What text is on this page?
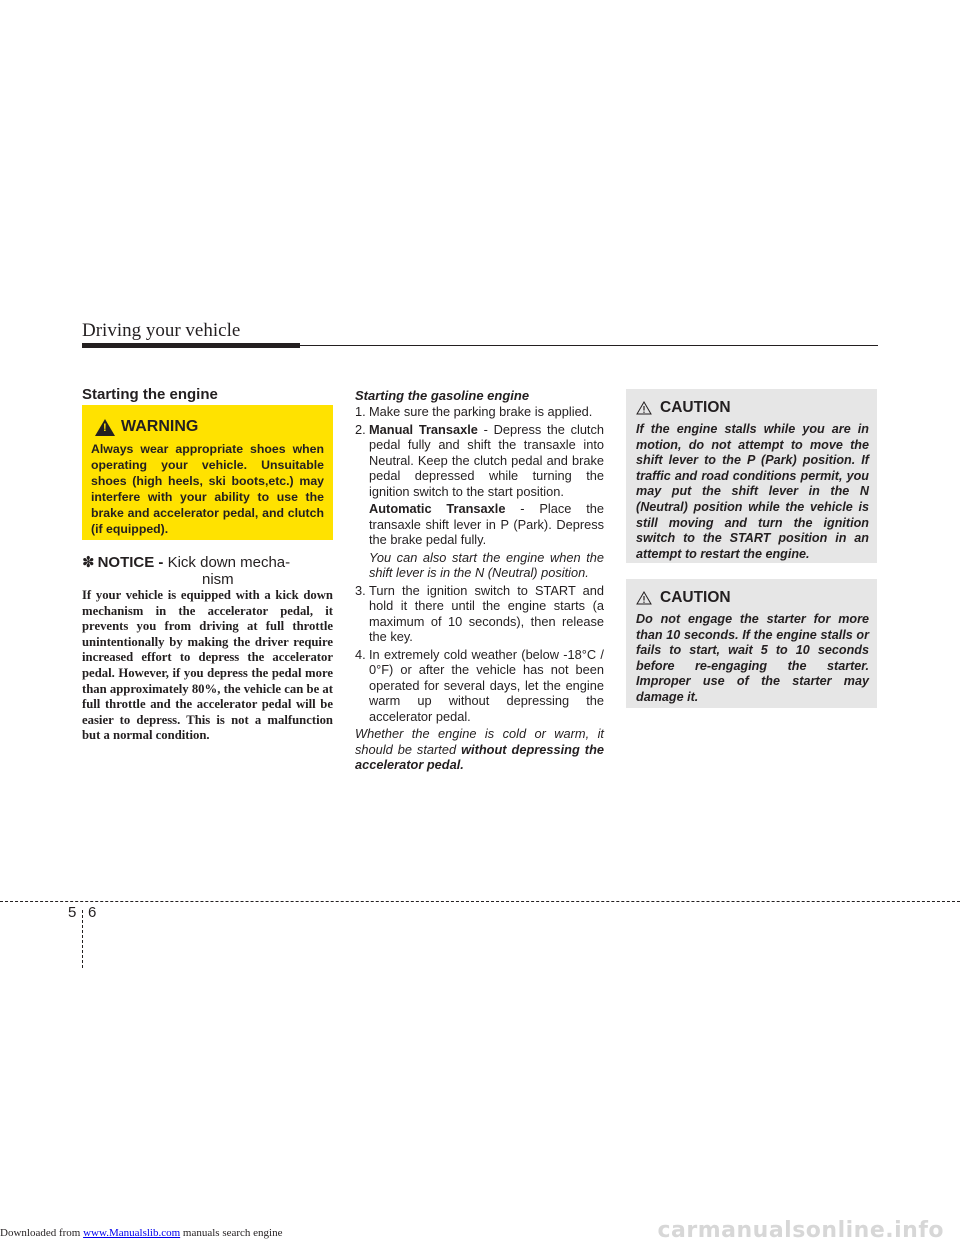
Driving your vehicle
Starting the engine
!
WARNING
Always wear appropriate shoes when operating your vehicle. Unsuitable shoes (high heels, ski boots,etc.) may interfere with your ability to use the brake and accelerator pedal, and clutch (if equipped).
✽ NOTICE - Kick down mecha-
nism
If your vehicle is equipped with a kick down mechanism in the accelerator pedal, it prevents you from driving at full throttle unintentionally by making the driver require increased effort to depress the accelerator pedal. However, if you depress the pedal more than approximately 80%, the vehicle can be at full throttle and the accelerator pedal will be easier to depress. This is not a malfunction but a normal condition.
Starting the gasoline engine
1. Make sure the parking brake is applied.
2. Manual Transaxle - Depress the clutch pedal fully and shift the transaxle into Neutral. Keep the clutch pedal and brake pedal depressed while turning the ignition switch to the start position.
Automatic Transaxle - Place the transaxle shift lever in P (Park). Depress the brake pedal fully.
You can also start the engine when the shift lever is in the N (Neutral) position.
3. Turn the ignition switch to START and hold it there until the engine starts (a maximum of 10 seconds), then release the key.
4. In extremely cold weather (below -18°C / 0°F) or after the vehicle has not been operated for several days, let the engine warm up without depressing the accelerator pedal.
Whether the engine is cold or warm, it should be started without depressing the accelerator pedal.
CAUTION
If the engine stalls while you are in motion, do not attempt to move the shift lever to the P (Park) position. If traffic and road conditions permit, you may put the shift lever in the N (Neutral) position while the vehicle is still moving and turn the ignition switch to the START position in an attempt to restart the engine.
CAUTION
Do not engage the starter for more than 10 seconds. If the engine stalls or fails to start, wait 5 to 10 seconds before re-engaging the starter. Improper use of the starter may damage it.
5 6
Downloaded from www.Manualslib.com manuals search engine	carmanualsonline.info
